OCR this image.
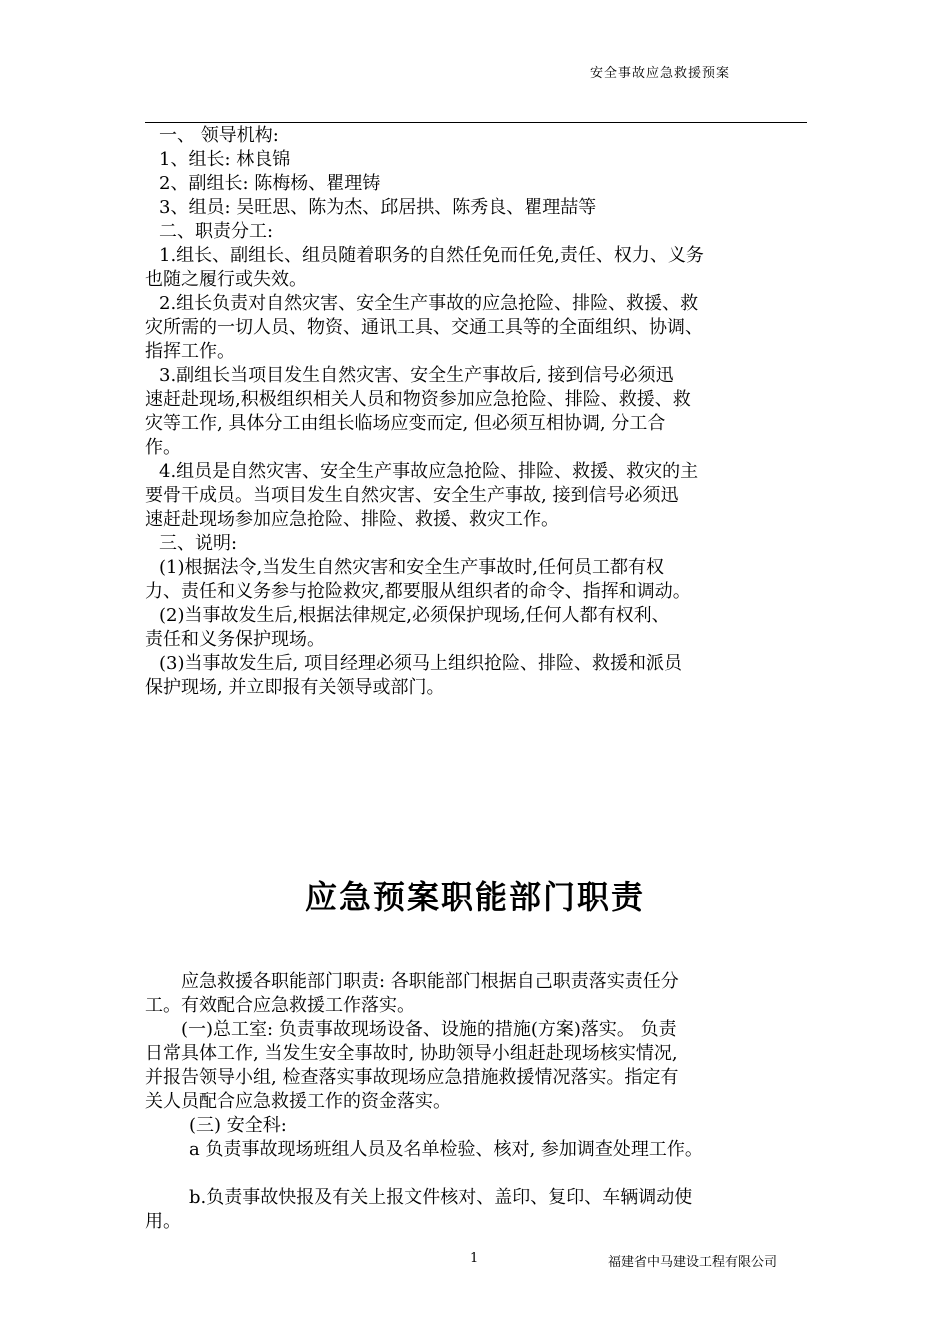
安全事故应急救援预案
一、 领导机构:
1、组长: 林良锦
2、副组长: 陈梅杨、瞿理铸
3、组员: 吴旺思、陈为杰、邱居拱、陈秀良、瞿理喆等
二、职责分工:
1.组长、副组长、组员随着职务的自然任免而任免,责任、权力、义务
也随之履行或失效。
2.组长负责对自然灾害、安全生产事故的应急抢险、排险、救援、救
灾所需的一切人员、物资、通讯工具、交通工具等的全面组织、协调、
指挥工作。
3.副组长当项目发生自然灾害、安全生产事故后, 接到信号必须迅
速赶赴现场,积极组织相关人员和物资参加应急抢险、排险、救援、救
灾等工作, 具体分工由组长临场应变而定, 但必须互相协调, 分工合
作。
4.组员是自然灾害、安全生产事故应急抢险、排险、救援、救灾的主
要骨干成员。当项目发生自然灾害、安全生产事故, 接到信号必须迅
速赶赴现场参加应急抢险、排险、救援、救灾工作。
三、说明:
(1)根据法令,当发生自然灾害和安全生产事故时,任何员工都有权
力、责任和义务参与抢险救灾,都要服从组织者的命令、指挥和调动。
(2)当事故发生后,根据法律规定,必须保护现场,任何人都有权利、
责任和义务保护现场。
(3)当事故发生后, 项目经理必须马上组织抢险、排险、救援和派员
保护现场, 并立即报有关领导或部门。
应急预案职能部门职责
应急救援各职能部门职责: 各职能部门根据自己职责落实责任分
工。有效配合应急救援工作落实。
(一)总工室: 负责事故现场设备、设施的措施(方案)落实。 负责
日常具体工作, 当发生安全事故时, 协助领导小组赶赴现场核实情况,
并报告领导小组, 检查落实事故现场应急措施救援情况落实。指定有
关人员配合应急救援工作的资金落实。
(三) 安全科:
a 负责事故现场班组人员及名单检验、核对, 参加调查处理工作。
b.负责事故快报及有关上报文件核对、盖印、复印、车辆调动使
用。
1	福建省中马建设工程有限公司
